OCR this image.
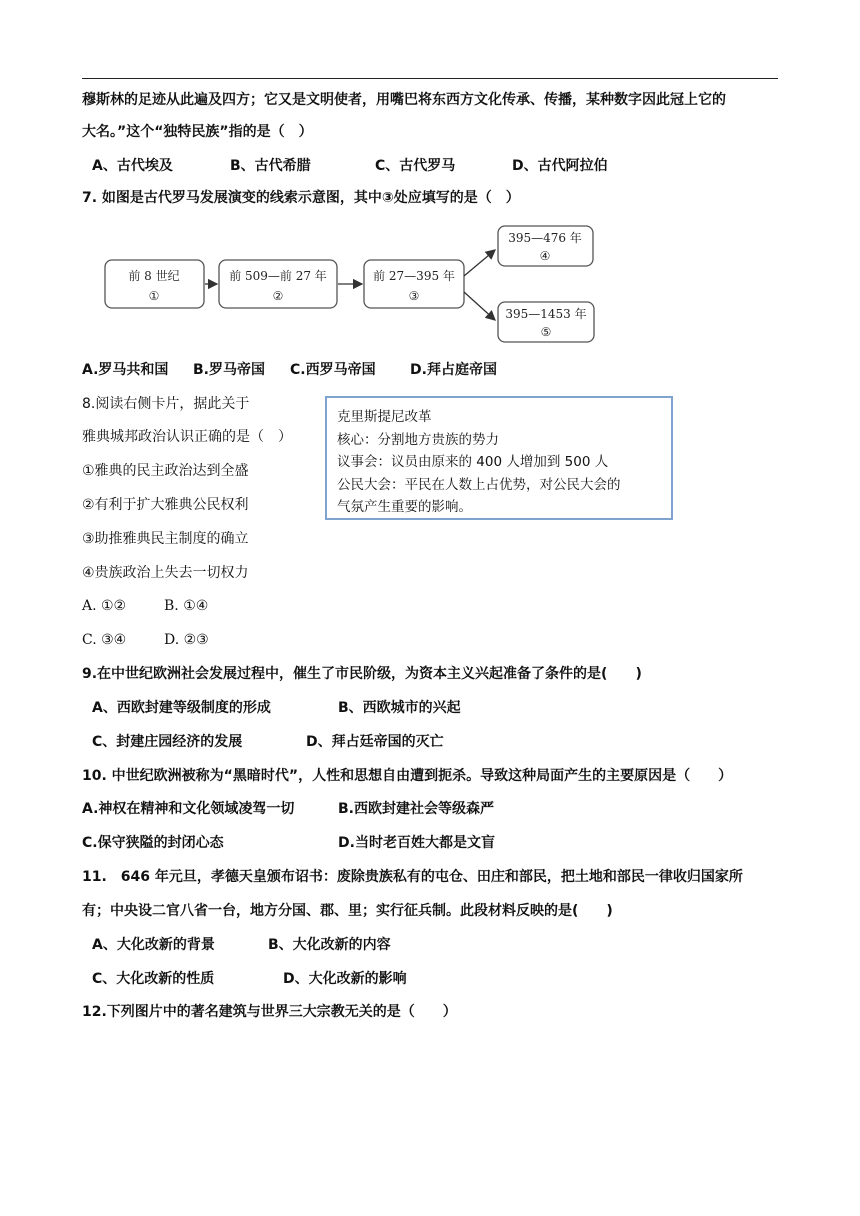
穆斯林的足迹从此遍及四方；它又是文明使者，用嘴巴将东西方文化传承、传播，某种数字因此冠上它的
大名。”这个“独特民族”指的是（　）
A、古代埃及	B、古代希腊	C、古代罗马	D、古代阿拉伯
7. 如图是古代罗马发展演变的线索示意图，其中③处应填写的是（　）
前 8 世纪
①
前 509—前 27 年
②
前 27—395 年
③
395—476 年
④
395—1453 年
⑤
A.罗马共和国 B.罗马帝国 C.西罗马帝国 D.拜占庭帝国
8.阅读右侧卡片，据此关于
雅典城邦政治认识正确的是（　）
①雅典的民主政治达到全盛
②有利于扩大雅典公民权利
③助推雅典民主制度的确立
④贵族政治上失去一切权力
A. ①②	B. ①④
C. ③④	D. ②③
克里斯提尼改革
核心：分割地方贵族的势力
议事会：议员由原来的 400 人增加到 500 人
公民大会：平民在人数上占优势，对公民大会的
气氛产生重要的影响。
9.在中世纪欧洲社会发展过程中，催生了市民阶级，为资本主义兴起准备了条件的是(　　)
A、西欧封建等级制度的形成	B、西欧城市的兴起
C、封建庄园经济的发展	D、拜占廷帝国的灭亡
10. 中世纪欧洲被称为“黑暗时代”，人性和思想自由遭到扼杀。导致这种局面产生的主要原因是（　　）
A.神权在精神和文化领域凌驾一切	B.西欧封建社会等级森严
C.保守狭隘的封闭心态	D.当时老百姓大都是文盲
11.　646 年元旦，孝德天皇颁布诏书：废除贵族私有的屯仓、田庄和部民，把土地和部民一律收归国家所
有；中央设二官八省一台，地方分国、郡、里；实行征兵制。此段材料反映的是(　　)
A、大化改新的背景	B、大化改新的内容
C、大化改新的性质	D、大化改新的影响
12.下列图片中的著名建筑与世界三大宗教无关的是（　　）
